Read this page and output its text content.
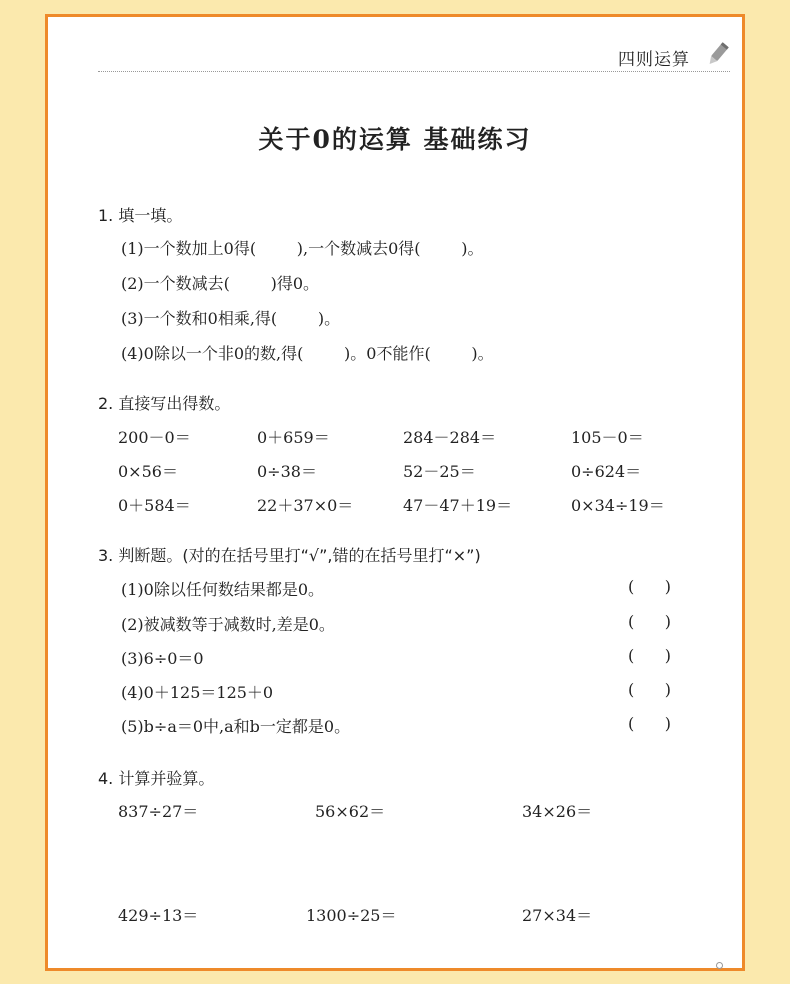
四则运算
关于0的运算 基础练习
1. 填一填。
(1)一个数加上0得(        ),一个数减去0得(        )。
(2)一个数减去(        )得0。
(3)一个数和0相乘,得(        )。
(4)0除以一个非0的数,得(        )。0不能作(        )。
2. 直接写出得数。
200－0＝	0＋659＝	284－284＝	105－0＝
0×56＝	0÷38＝	52－25＝	0÷624＝
0＋584＝	22＋37×0＝	47－47＋19＝	0×34÷19＝
3. 判断题。(对的在括号里打“√”,错的在括号里打“×”)
(1)0除以任何数结果都是0。	(      )
(2)被减数等于减数时,差是0。	(      )
(3)6÷0＝0	(      )
(4)0＋125＝125＋0	(      )
(5)b÷a＝0中,a和b一定都是0。	(      )
4. 计算并验算。
837÷27＝	56×62＝	34×26＝
429÷13＝	1300÷25＝	27×34＝
